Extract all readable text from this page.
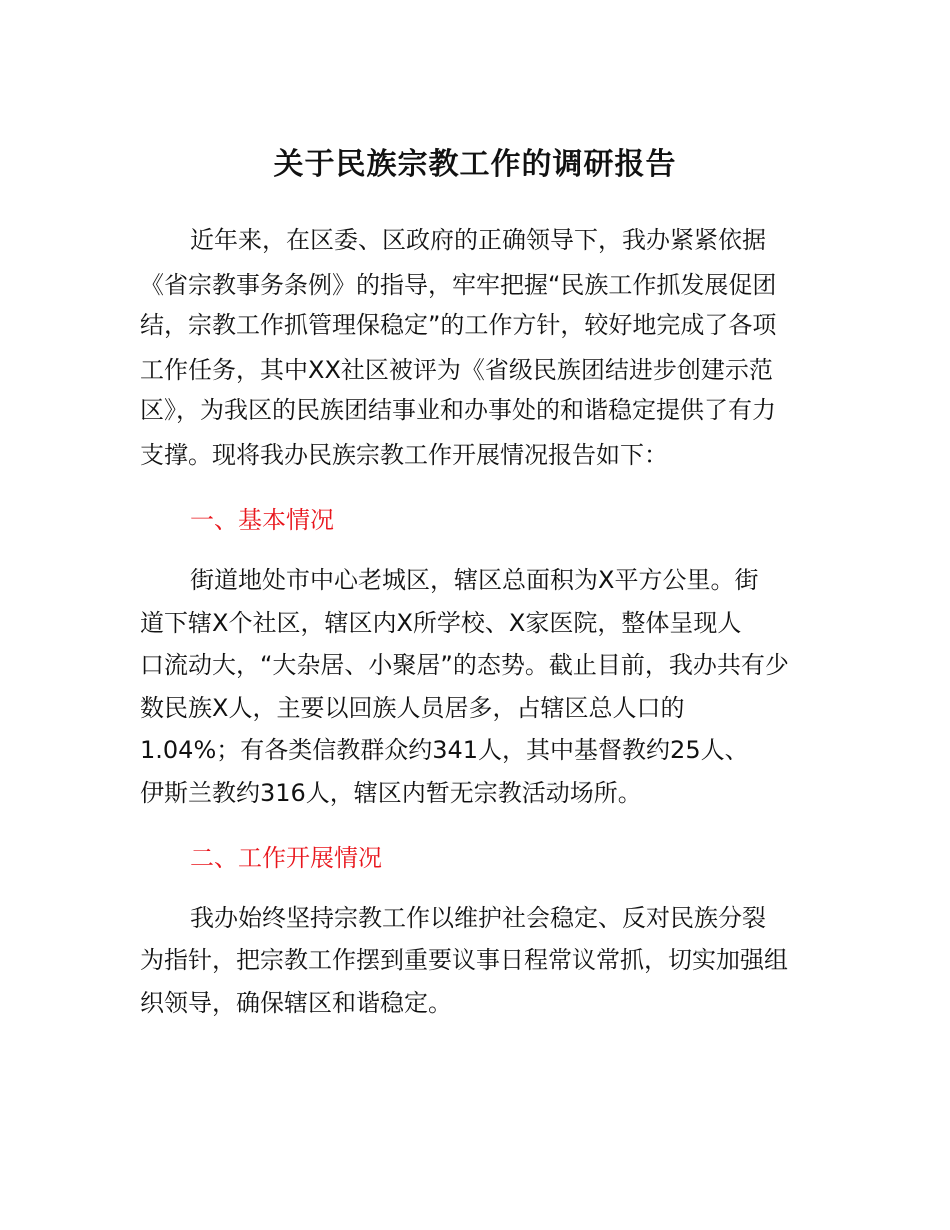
关于民族宗教工作的调研报告

近年来，在区委、区政府的正确领导下，我办紧紧依据

《省宗教事务条例》的指导，牢牢把握“民族工作抓发展促团

结，宗教工作抓管理保稳定”的工作方针，较好地完成了各项

工作任务，其中XX社区被评为《省级民族团结进步创建示范

区》，为我区的民族团结事业和办事处的和谐稳定提供了有力

支撑。现将我办民族宗教工作开展情况报告如下：

一、基本情况

街道地处市中心老城区，辖区总面积为X平方公里。街

道下辖X个社区，辖区内X所学校、X家医院，整体呈现人

口流动大，“大杂居、小聚居”的态势。截止目前，我办共有少

数民族X人，主要以回族人员居多，占辖区总人口的

1.04%；有各类信教群众约341人，其中基督教约25人、

伊斯兰教约316人，辖区内暂无宗教活动场所。

二、工作开展情况

我办始终坚持宗教工作以维护社会稳定、反对民族分裂

为指针，把宗教工作摆到重要议事日程常议常抓，切实加强组

织领导，确保辖区和谐稳定。
